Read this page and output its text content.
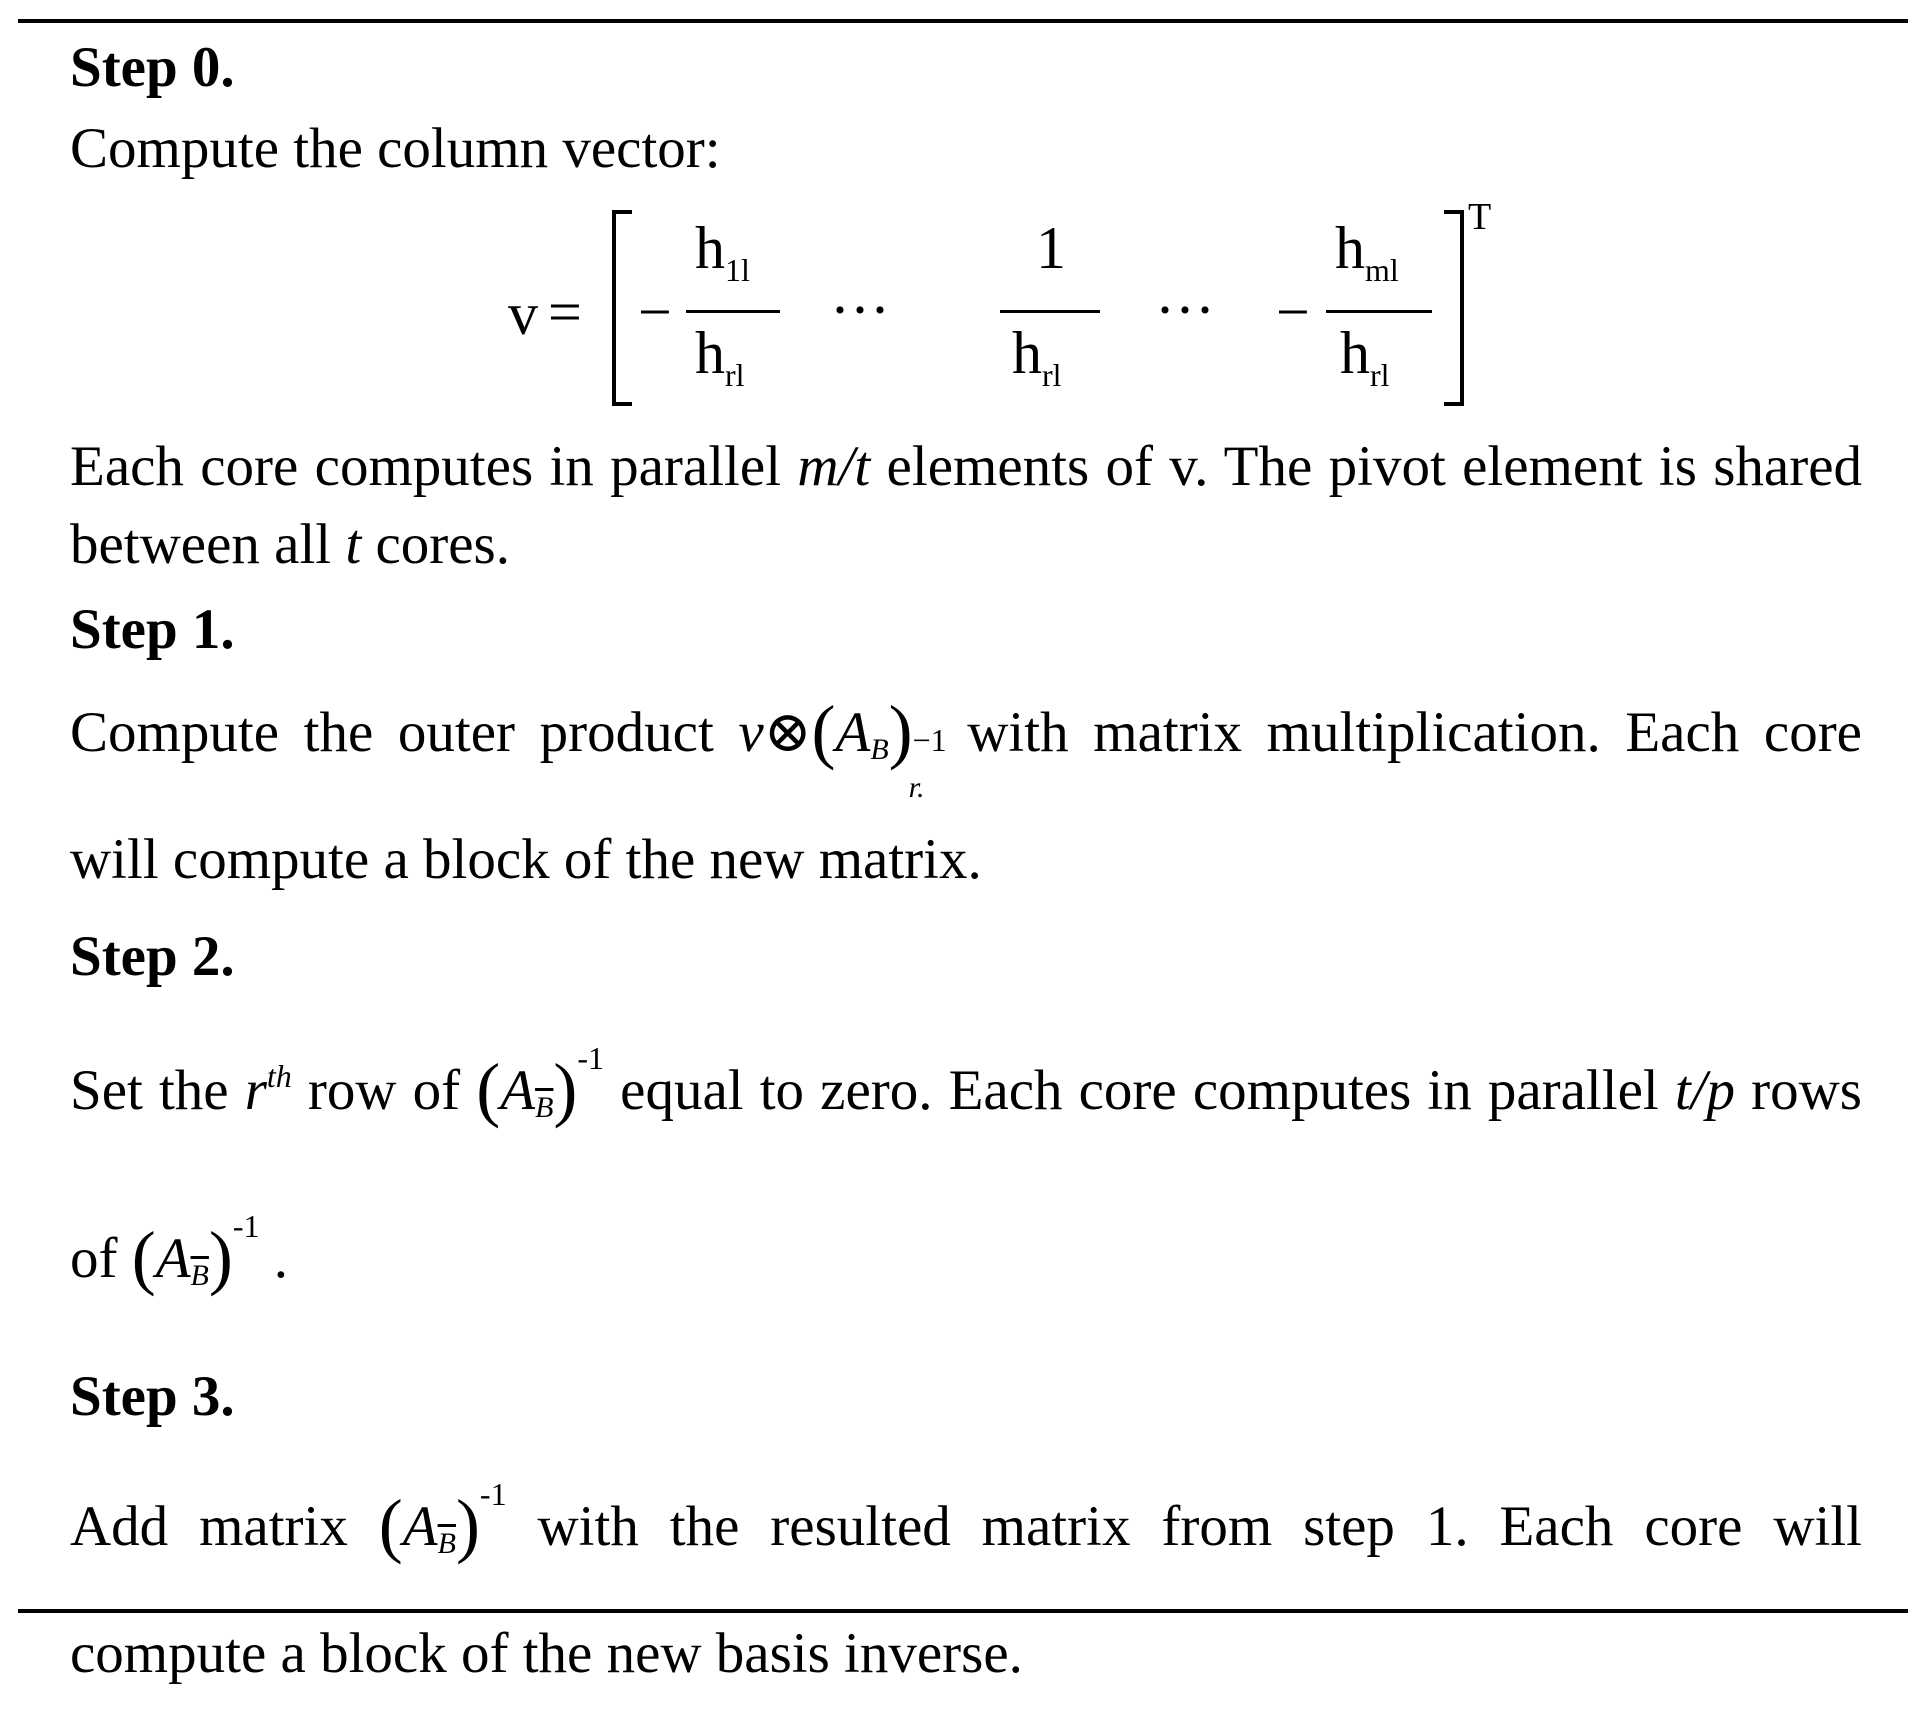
Step 0.

Compute the column vector:

v = −
$h_{1l}$
$h_{rl}$
···
1
$h_{rl}$
··· −
$h_{ml}$
$h_{rl}$
T

Each core computes in parallel m/t elements of v. The pivot element is shared between all t cores.

Step 1.

Compute the outer product $v\otimes(A_B) -1$
r.
with matrix multiplication. Each core will compute a block of the new matrix.

Step 2.

Set the $r^{th}$ row of $(A_{\overline{B}})^{-1}$ equal to zero. Each core computes in parallel t/p rows of $(A_{\overline{B}})^{-1}$ .

Step 3.

Add matrix $(A_{\overline{B}})^{-1}$ with the resulted matrix from step 1. Each core will compute a block of the new basis inverse.
